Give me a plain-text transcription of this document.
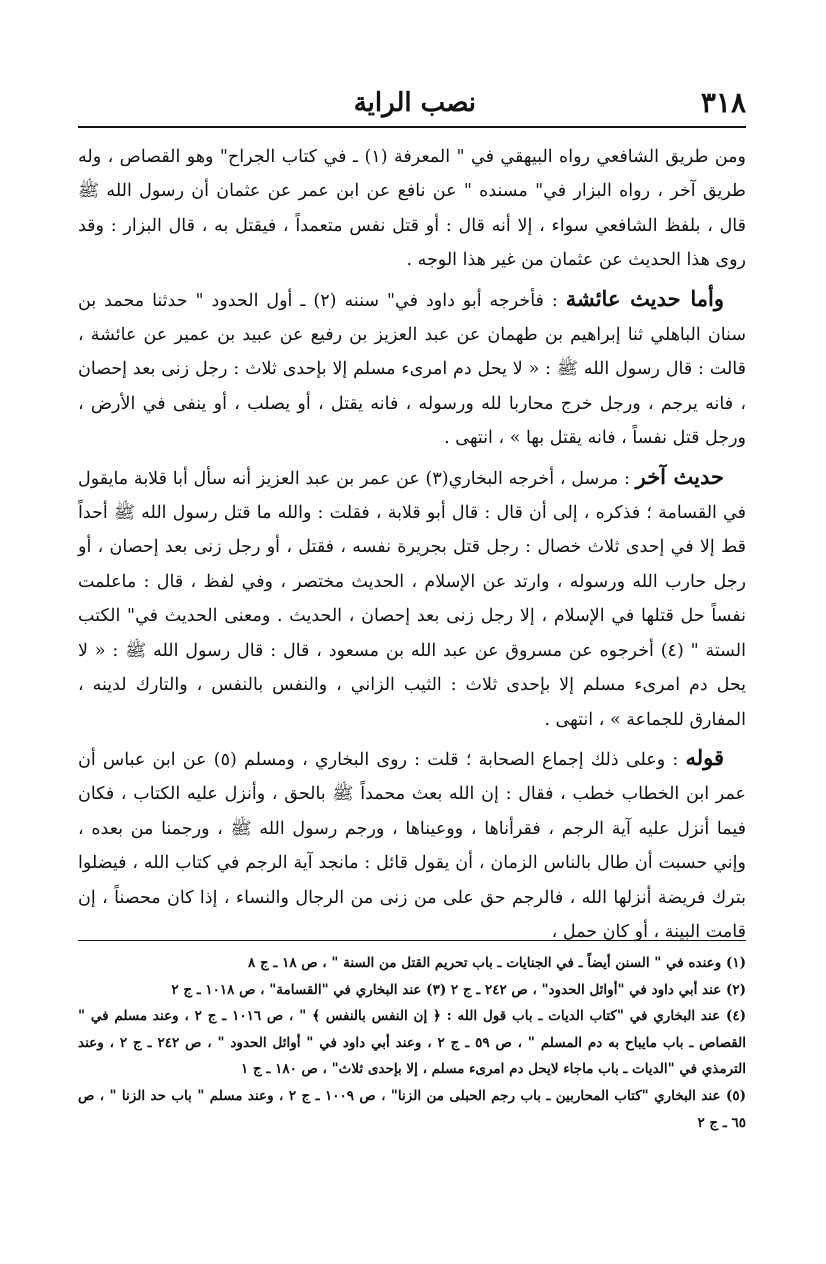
٣١٨
نصب الراية

ومن طريق الشافعي رواه البيهقي في " المعرفة (١) ـ في كتاب الجراح" وهو القصاص ، وله طريق آخر ، رواه البزار في" مسنده " عن نافع عن ابن عمر عن عثمان أن رسول الله ﷺ قال ، بلفظ الشافعي سواء ، إلا أنه قال : أو قتل نفس متعمداً ، فيقتل به ، قال البزار : وقد روى هذا الحديث عن عثمان من غير هذا الوجه .

وأما حديث عائشة : فأخرجه أبو داود في" سننه (٢) ـ أول الحدود " حدثنا محمد بن سنان الباهلي ثنا إبراهيم بن طهمان عن عبد العزيز بن رفيع عن عبيد بن عمير عن عائشة ، قالت : قال رسول الله ﷺ : « لا يحل دم امرىء مسلم إلا بإحدى ثلاث : رجل زنى بعد إحصان ، فانه يرجم ، ورجل خرج محاربا لله ورسوله ، فانه يقتل ، أو يصلب ، أو ينفى في الأرض ، ورجل قتل نفساً ، فانه يقتل بها » ، انتهى .

حديث آخر : مرسل ، أخرجه البخاري(٣) عن عمر بن عبد العزيز أنه سأل أبا قلابة مايقول في القسامة ؛ فذكره ، إلى أن قال : قال أبو قلابة ، فقلت : والله ما قتل رسول الله ﷺ أحداً قط إلا في إحدى ثلاث خصال : رجل قتل بجريرة نفسه ، فقتل ، أو رجل زنى بعد إحصان ، أو رجل حارب الله ورسوله ، وارتد عن الإسلام ، الحديث مختصر ، وفي لفظ ، قال : ماعلمت نفساً حل قتلها في الإسلام ، إلا رجل زنى بعد إحصان ، الحديث . ومعنى الحديث في" الكتب الستة " (٤) أخرجوه عن مسروق عن عبد الله بن مسعود ، قال : قال رسول الله ﷺ : « لا يحل دم امرىء مسلم إلا بإحدى ثلاث : الثيب الزاني ، والنفس بالنفس ، والتارك لدينه ، المفارق للجماعة » ، انتهى .

قوله : وعلى ذلك إجماع الصحابة ؛ قلت : روى البخاري ، ومسلم (٥) عن ابن عباس أن عمر ابن الخطاب خطب ، فقال : إن الله بعث محمداً ﷺ بالحق ، وأنزل عليه الكتاب ، فكان فيما أنزل عليه آية الرجم ، فقرأناها ، ووعيناها ، ورجم رسول الله ﷺ ، ورجمنا من بعده ، وإني حسبت أن طال بالناس الزمان ، أن يقول قائل : مانجد آية الرجم في كتاب الله ، فيضلوا بترك فريضة أنزلها الله ، فالرجم حق على من زنى من الرجال والنساء ، إذا كان محصناً ، إن قامت البينة ، أو كان حمل ،

(١) وعنده في " السنن أيضاً ـ في الجنايات ـ باب تحريم القتل من السنة " ، ص ١٨ ـ ج ٨

(٢) عند أبي داود في "أوائل الحدود" ، ص ٢٤٢ ـ ج ٢ (٣) عند البخاري في "القسامة" ، ص ١٠١٨ ـ ج ٢

(٤) عند البخاري في "كتاب الديات ـ باب قول الله : ﴿ إن النفس بالنفس ﴾ " ، ص ١٠١٦ ـ ج ٢ ، وعند مسلم في " القصاص ـ باب مايباح به دم المسلم " ، ص ٥٩ ـ ج ٢ ، وعند أبي داود في " أوائل الحدود " ، ص ٢٤٢ ـ ج ٢ ، وعند الترمذي في "الديات ـ باب ماجاء لايحل دم امرىء مسلم ، إلا بإحدى ثلاث" ، ص ١٨٠ ـ ج ١

(٥) عند البخاري "كتاب المحاربين ـ باب رجم الحبلى من الزنا" ، ص ١٠٠٩ ـ ج ٢ ، وعند مسلم " باب حد الزنا " ، ص ٦٥ ـ ج ٢
